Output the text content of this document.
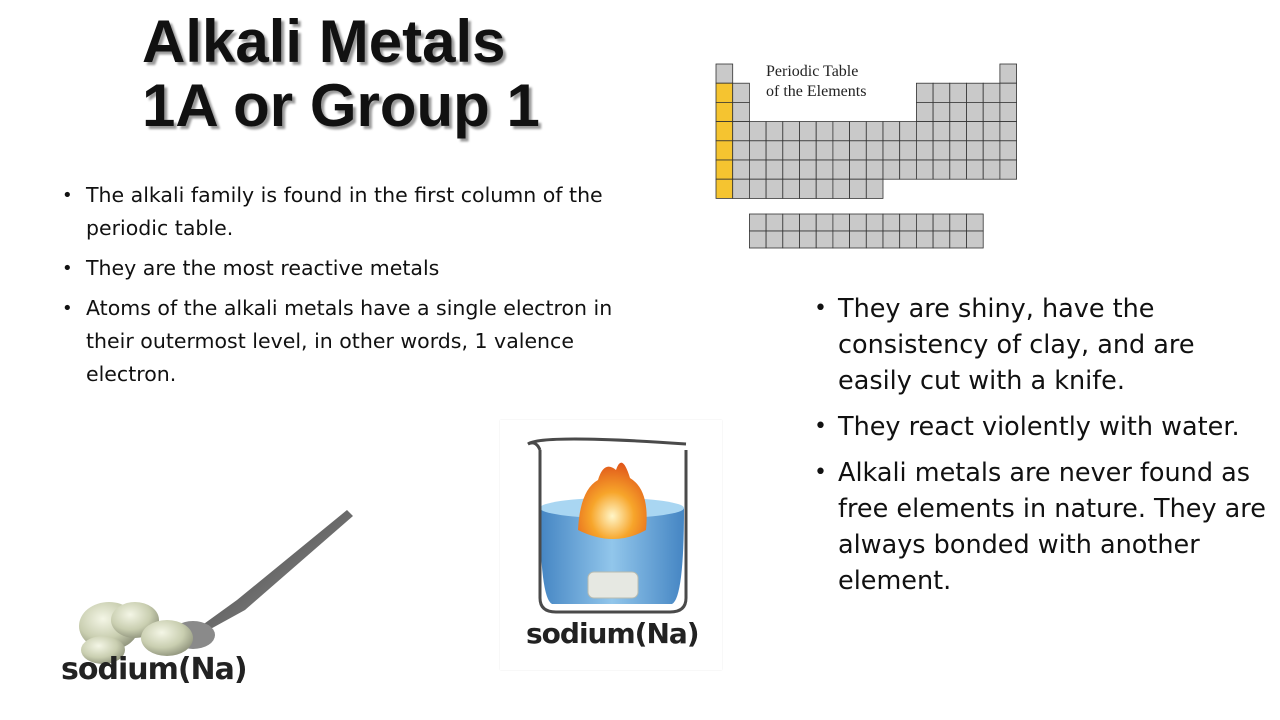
Alkali Metals
1A or Group 1
• The alkali family is found in the first column of the periodic table.
• They are the most reactive metals
• Atoms of the alkali metals have a single electron in their outermost level, in other words, 1 valence electron.
Periodic Table
of the Elements
• They are shiny, have the consistency of clay, and are easily cut with a knife.
• They react violently with water.
• Alkali metals are never found as free elements in nature. They are always bonded with another element.
sodium(Na)
sodium(Na)
